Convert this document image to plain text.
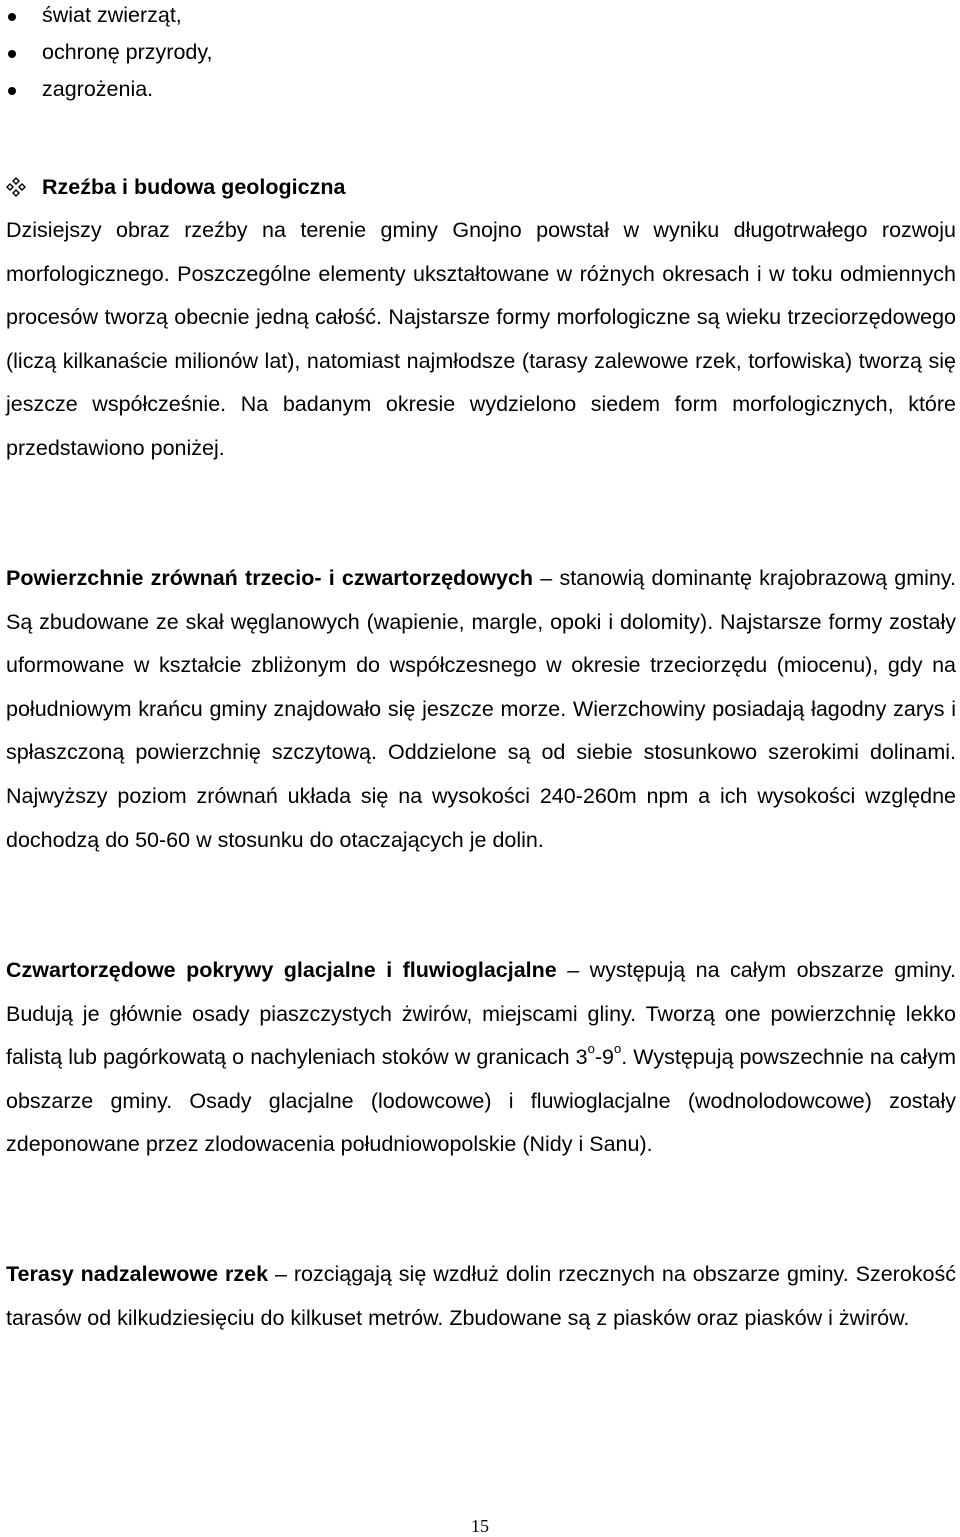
świat zwierząt,
ochronę przyrody,
zagrożenia.
Rzeźba i budowa geologiczna

Dzisiejszy obraz rzeźby na terenie gminy Gnojno powstał w wyniku długotrwałego rozwoju morfologicznego. Poszczególne elementy ukształtowane w różnych okresach i w toku odmiennych procesów tworzą obecnie jedną całość. Najstarsze formy morfologiczne są wieku trzeciorzędowego (liczą kilkanaście milionów lat), natomiast najmłodsze (tarasy zalewowe rzek, torfowiska) tworzą się jeszcze współcześnie. Na badanym okresie wydzielono siedem form morfologicznych, które przedstawiono poniżej.

Powierzchnie zrównań trzecio- i czwartorzędowych – stanowią dominantę krajobrazową gminy. Są zbudowane ze skał węglanowych (wapienie, margle, opoki i dolomity). Najstarsze formy zostały uformowane w kształcie zbliżonym do współczesnego w okresie trzeciorzędu (miocenu), gdy na południowym krańcu gminy znajdowało się jeszcze morze. Wierzchowiny posiadają łagodny zarys i spłaszczoną powierzchnię szczytową. Oddzielone są od siebie stosunkowo szerokimi dolinami. Najwyższy poziom zrównań układa się na wysokości 240-260m npm a ich wysokości względne dochodzą do 50-60 w stosunku do otaczających je dolin.

Czwartorzędowe pokrywy glacjalne i fluwioglacjalne – występują na całym obszarze gminy. Budują je głównie osady piaszczystych żwirów, miejscami gliny. Tworzą one powierzchnię lekko falistą lub pagórkowatą o nachyleniach stoków w granicach 3$^o$-9$^o$. Występują powszechnie na całym obszarze gminy. Osady glacjalne (lodowcowe) i fluwioglacjalne (wodnolodowcowe) zostały zdeponowane przez zlodowacenia południowopolskie (Nidy i Sanu).

Terasy nadzalewowe rzek – rozciągają się wzdłuż dolin rzecznych na obszarze gminy. Szerokość tarasów od kilkudziesięciu do kilkuset metrów. Zbudowane są z piasków oraz piasków i żwirów.

15
